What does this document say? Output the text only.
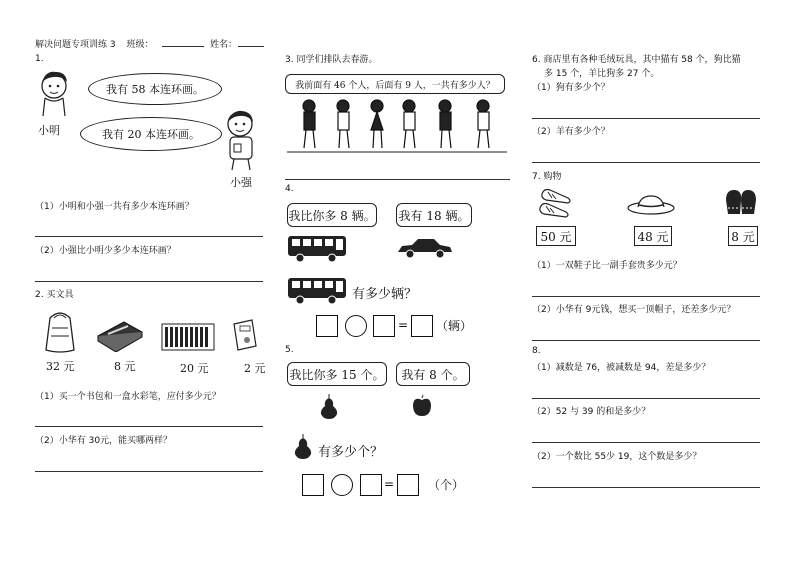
解决问题专项训练 3 班级：	姓名：
1.
小明
我有 58 本连环画。
我有 20 本连环画。
小强
（1）小明和小强一共有多少本连环画？
（2）小强比小明少多少本连环画？
2. 买文具
32 元	8 元	20 元	2 元
（1）买一个书包和一盒水彩笔，应付多少元？
（2）小华有 30元，能买哪两样？
3. 同学们排队去春游。
我前面有 46 个人，后面有 9 人，一共有多少人？
4.
我比你多 8 辆。 我有 18 辆。
有多少辆？
= （辆）
5.
我比你多 15 个。 我有 8 个。
有多少个？
=	（个）
6. 商店里有各种毛绒玩具，其中猫有 58 个，狗比猫
多 15 个，羊比狗多 27 个。
（1）狗有多少个？
（2）羊有多少个？
7. 购物
50 元	48 元	8 元
（1）一双鞋子比一副手套贵多少元？
（2）小华有 9元钱，想买一顶帽子，还差多少元？
8.
（1）减数是 76，被减数是 94，差是多少？
（2）52 与 39 的和是多少？
（2）一个数比 55少 19，这个数是多少？
